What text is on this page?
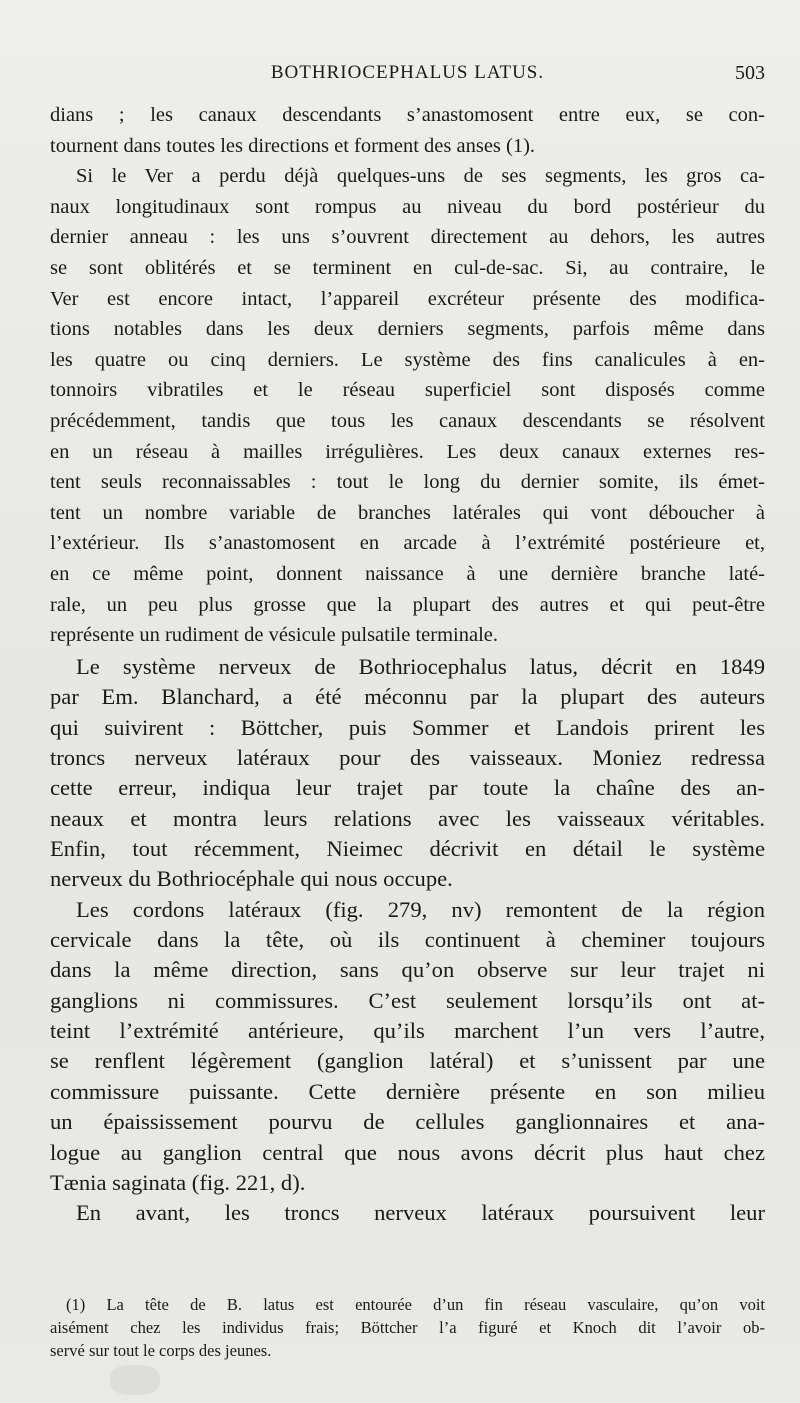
BOTHRIOCEPHALUS LATUS.	503
dians ; les canaux descendants s’anastomosent entre eux, se con-
tournent dans toutes les directions et forment des anses (1).
Si le Ver a perdu déjà quelques-uns de ses segments, les gros ca-
naux longitudinaux sont rompus au niveau du bord postérieur du
dernier anneau : les uns s’ouvrent directement au dehors, les autres
se sont oblitérés et se terminent en cul-de-sac. Si, au contraire, le
Ver est encore intact, l’appareil excréteur présente des modifica-
tions notables dans les deux derniers segments, parfois même dans
les quatre ou cinq derniers. Le système des fins canalicules à en-
tonnoirs vibratiles et le réseau superficiel sont disposés comme
précédemment, tandis que tous les canaux descendants se résolvent
en un réseau à mailles irrégulières. Les deux canaux externes res-
tent seuls reconnaissables : tout le long du dernier somite, ils émet-
tent un nombre variable de branches latérales qui vont déboucher à
l’extérieur. Ils s’anastomosent en arcade à l’extrémité postérieure et,
en ce même point, donnent naissance à une dernière branche laté-
rale, un peu plus grosse que la plupart des autres et qui peut-être
représente un rudiment de vésicule pulsatile terminale.
Le système nerveux de Bothriocephalus latus, décrit en 1849
par Em. Blanchard, a été méconnu par la plupart des auteurs
qui suivirent : Böttcher, puis Sommer et Landois prirent les
troncs nerveux latéraux pour des vaisseaux. Moniez redressa
cette erreur, indiqua leur trajet par toute la chaîne des an-
neaux et montra leurs relations avec les vaisseaux véritables.
Enfin, tout récemment, Nieimec décrivit en détail le système
nerveux du Bothriocéphale qui nous occupe.
Les cordons latéraux (fig. 279, nv) remontent de la région
cervicale dans la tête, où ils continuent à cheminer toujours
dans la même direction, sans qu’on observe sur leur trajet ni
ganglions ni commissures. C’est seulement lorsqu’ils ont at-
teint l’extrémité antérieure, qu’ils marchent l’un vers l’autre,
se renflent légèrement (ganglion latéral) et s’unissent par une
commissure puissante. Cette dernière présente en son milieu
un épaississement pourvu de cellules ganglionnaires et ana-
logue au ganglion central que nous avons décrit plus haut chez
Tænia saginata (fig. 221, d).
En avant, les troncs nerveux latéraux poursuivent leur
(1) La tête de B. latus est entourée d’un fin réseau vasculaire, qu’on voit
aisément chez les individus frais; Böttcher l’a figuré et Knoch dit l’avoir ob-
servé sur tout le corps des jeunes.
